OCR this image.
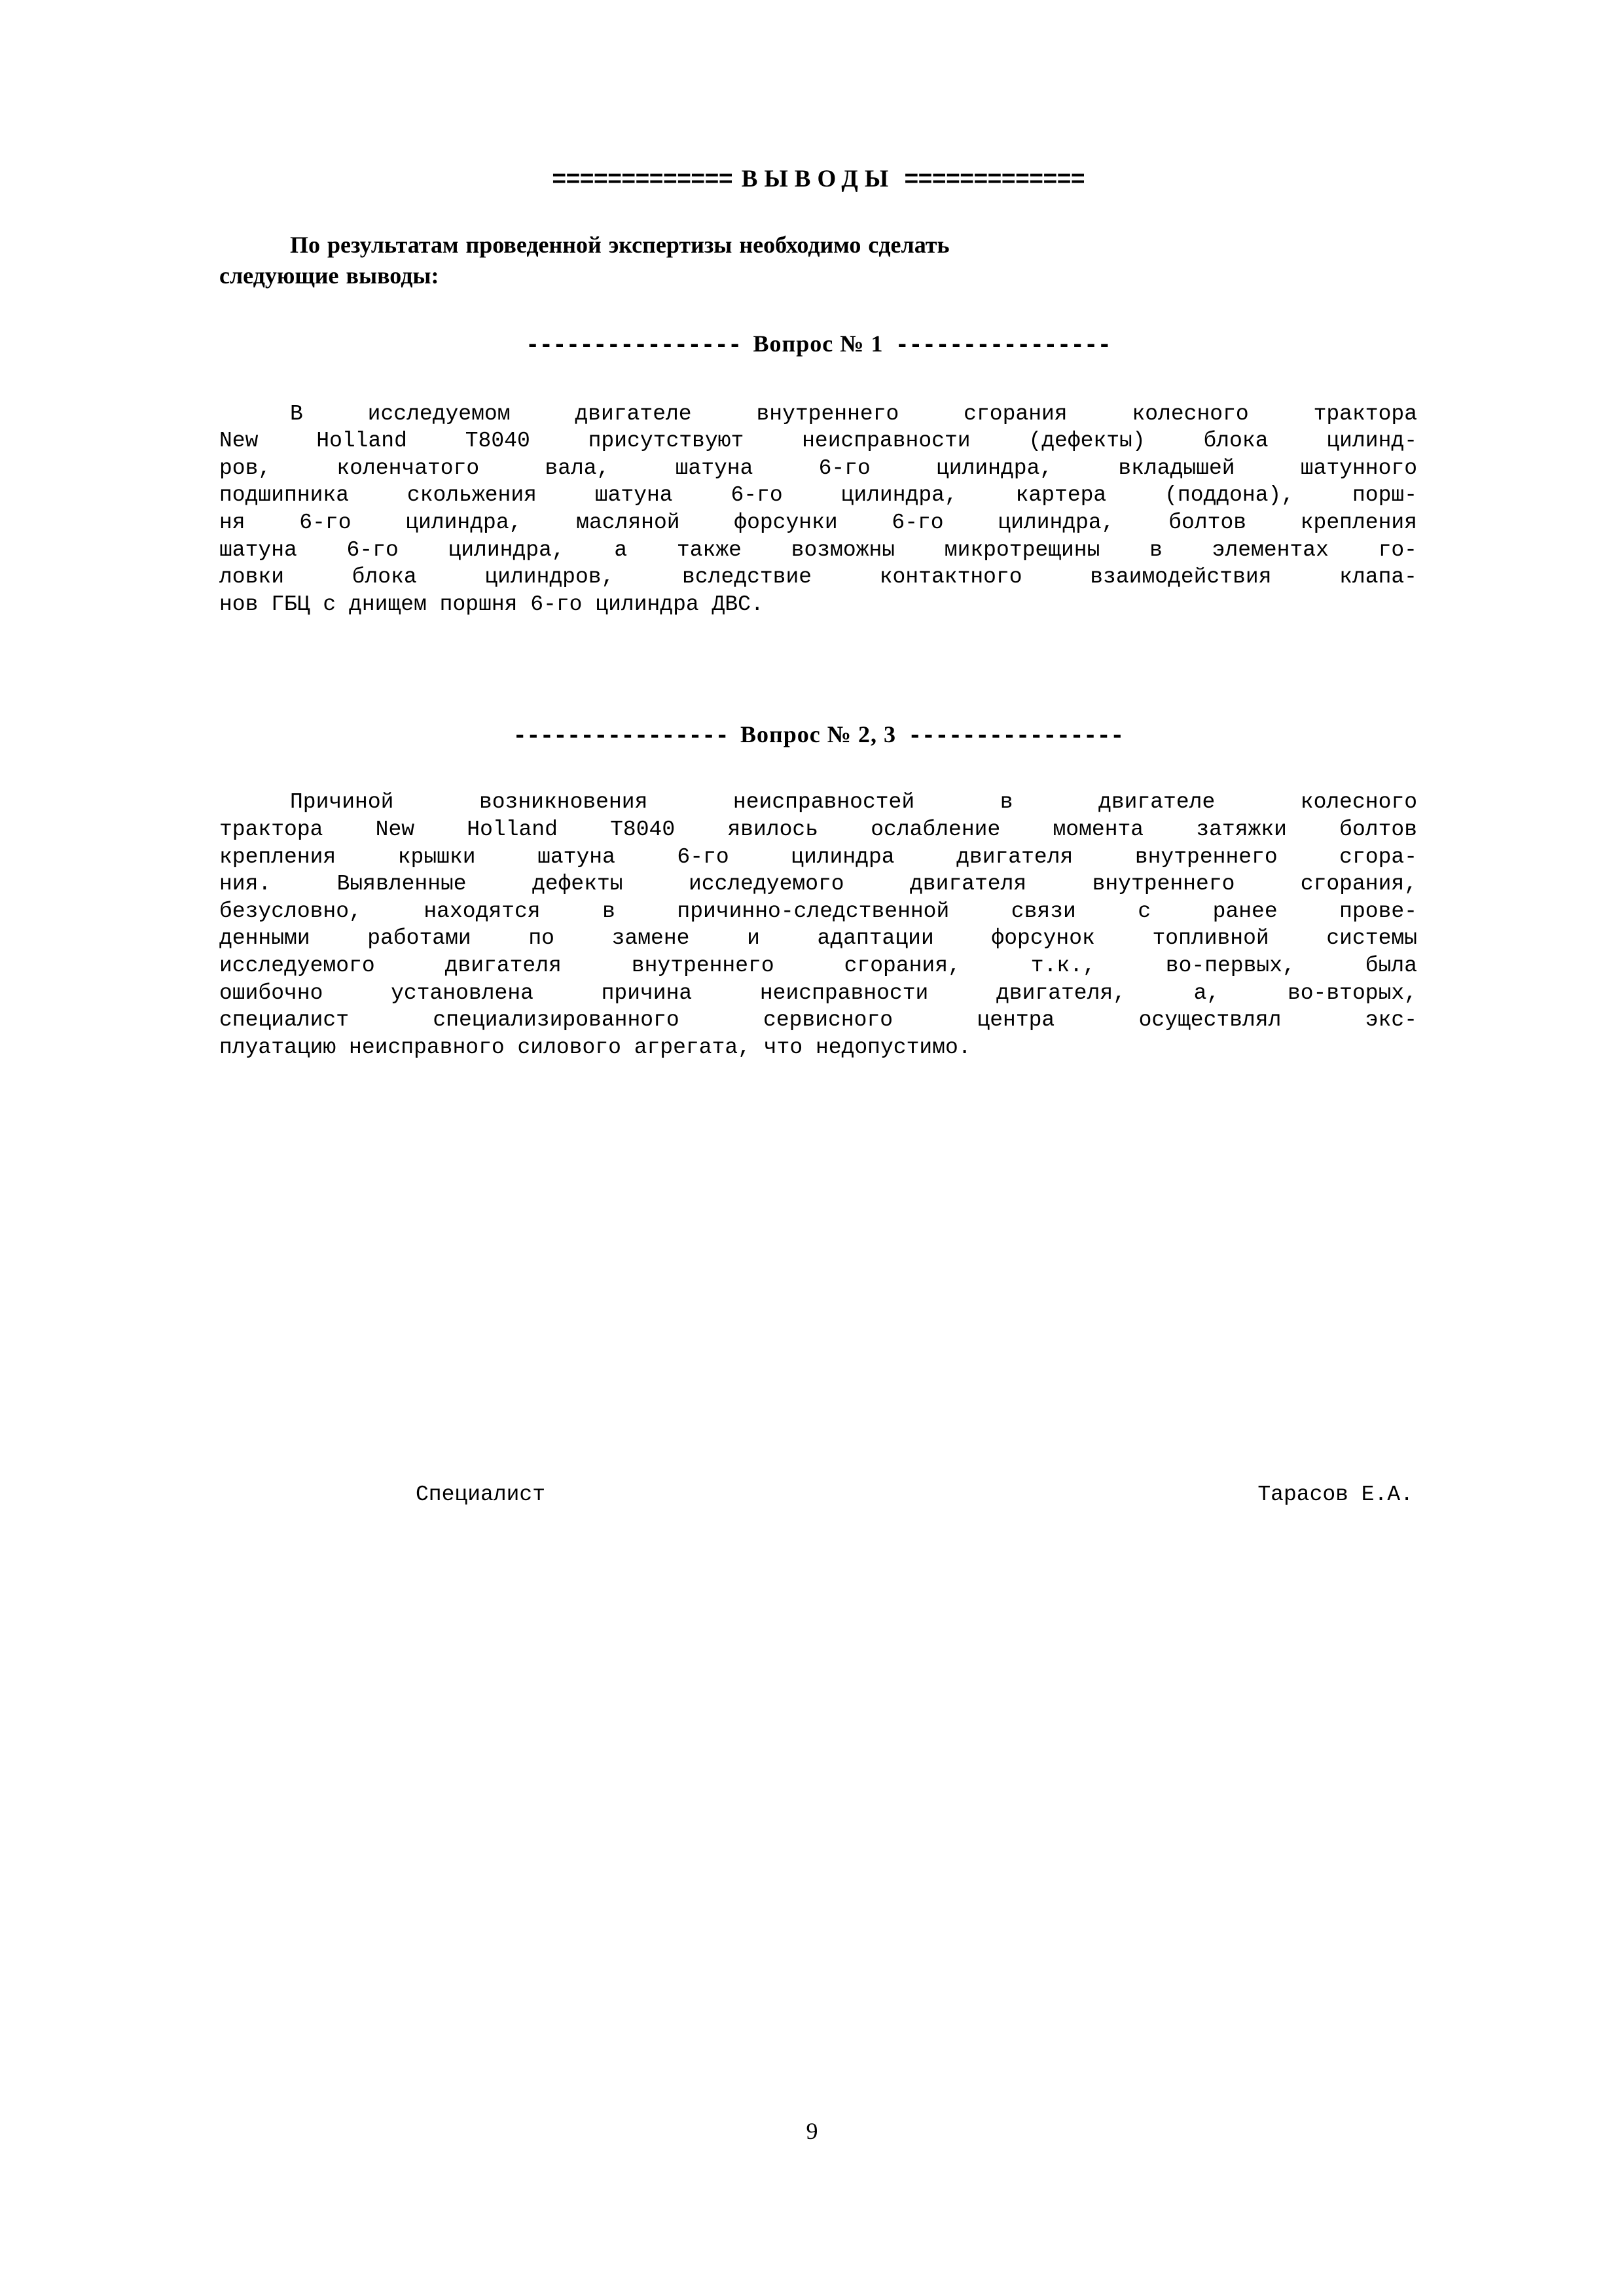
============= ВЫВОДЫ =============
По результатам проведенной экспертизы необходимо сделать
следующие выводы:
---------------- Вопрос № 1 ----------------
В исследуемом двигателе внутреннего сгорания колесного трактора
New Holland T8040 присутствуют неисправности (дефекты) блока цилинд-
ров, коленчатого вала, шатуна 6-го цилиндра, вкладышей шатунного
подшипника скольжения шатуна 6-го цилиндра, картера (поддона), порш-
ня 6-го цилиндра, масляной форсунки 6-го цилиндра, болтов крепления
шатуна 6-го цилиндра, а также возможны микротрещины в элементах го-
ловки блока цилиндров, вследствие контактного взаимодействия клапа-
нов ГБЦ с днищем поршня 6-го цилиндра ДВС.
---------------- Вопрос № 2, 3 ----------------
Причиной возникновения неисправностей в двигателе колесного
трактора New Holland T8040 явилось ослабление момента затяжки болтов
крепления крышки шатуна 6-го цилиндра двигателя внутреннего сгора-
ния. Выявленные дефекты исследуемого двигателя внутреннего сгорания,
безусловно, находятся в причинно-следственной связи с ранее прове-
денными работами по замене и адаптации форсунок топливной системы
исследуемого двигателя внутреннего сгорания, т.к., во-первых, была
ошибочно установлена причина неисправности двигателя, а, во-вторых,
специалист специализированного сервисного центра осуществлял экс-
плуатацию неисправного силового агрегата, что недопустимо.
Специалист	Тарасов Е.А.
9
